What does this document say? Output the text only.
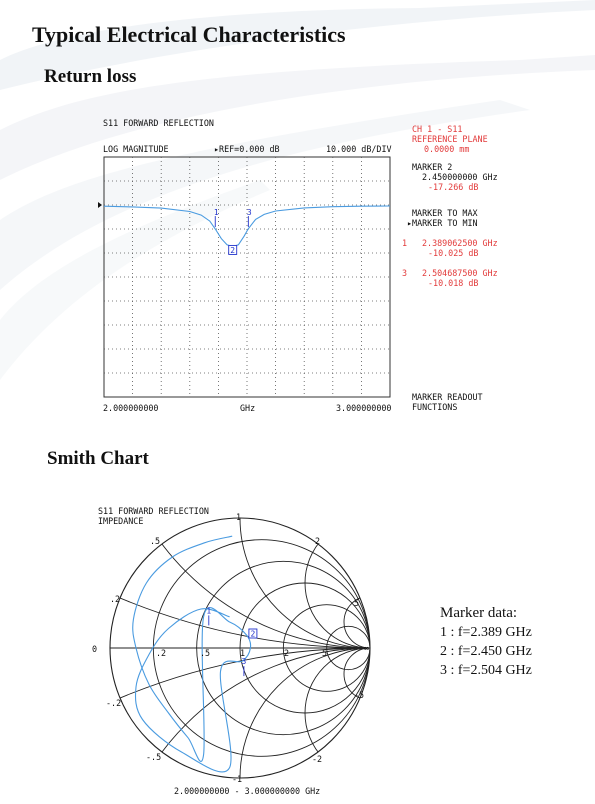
Typical Electrical Characteristics
Return loss
Smith Chart
S11 FORWARD REFLECTION
LOG MAGNITUDE	▸REF=0.000 dB	10.000 dB/DIV
2.000000000	GHz	3.000000000
CH 1 - S11
REFERENCE PLANE
0.0000 mm
MARKER 2
2.450000000 GHz
-17.266 dB
MARKER TO MAX
▸MARKER TO MIN
1 2.389062500 GHz
-10.025 dB
3 2.504687500 GHz
-10.018 dB
MARKER READOUT
FUNCTIONS
1
2
3
S11 FORWARD REFLECTION
IMPEDANCE
2.000000000 - 3.000000000 GHz
1
-1
.5	2
.2
-.2
-.5	-2
5
-5
0	.2	.5	1	2	5	∞
1
2
3
Marker data:
1 : f=2.389 GHz
2 : f=2.450 GHz
3 : f=2.504 GHz
